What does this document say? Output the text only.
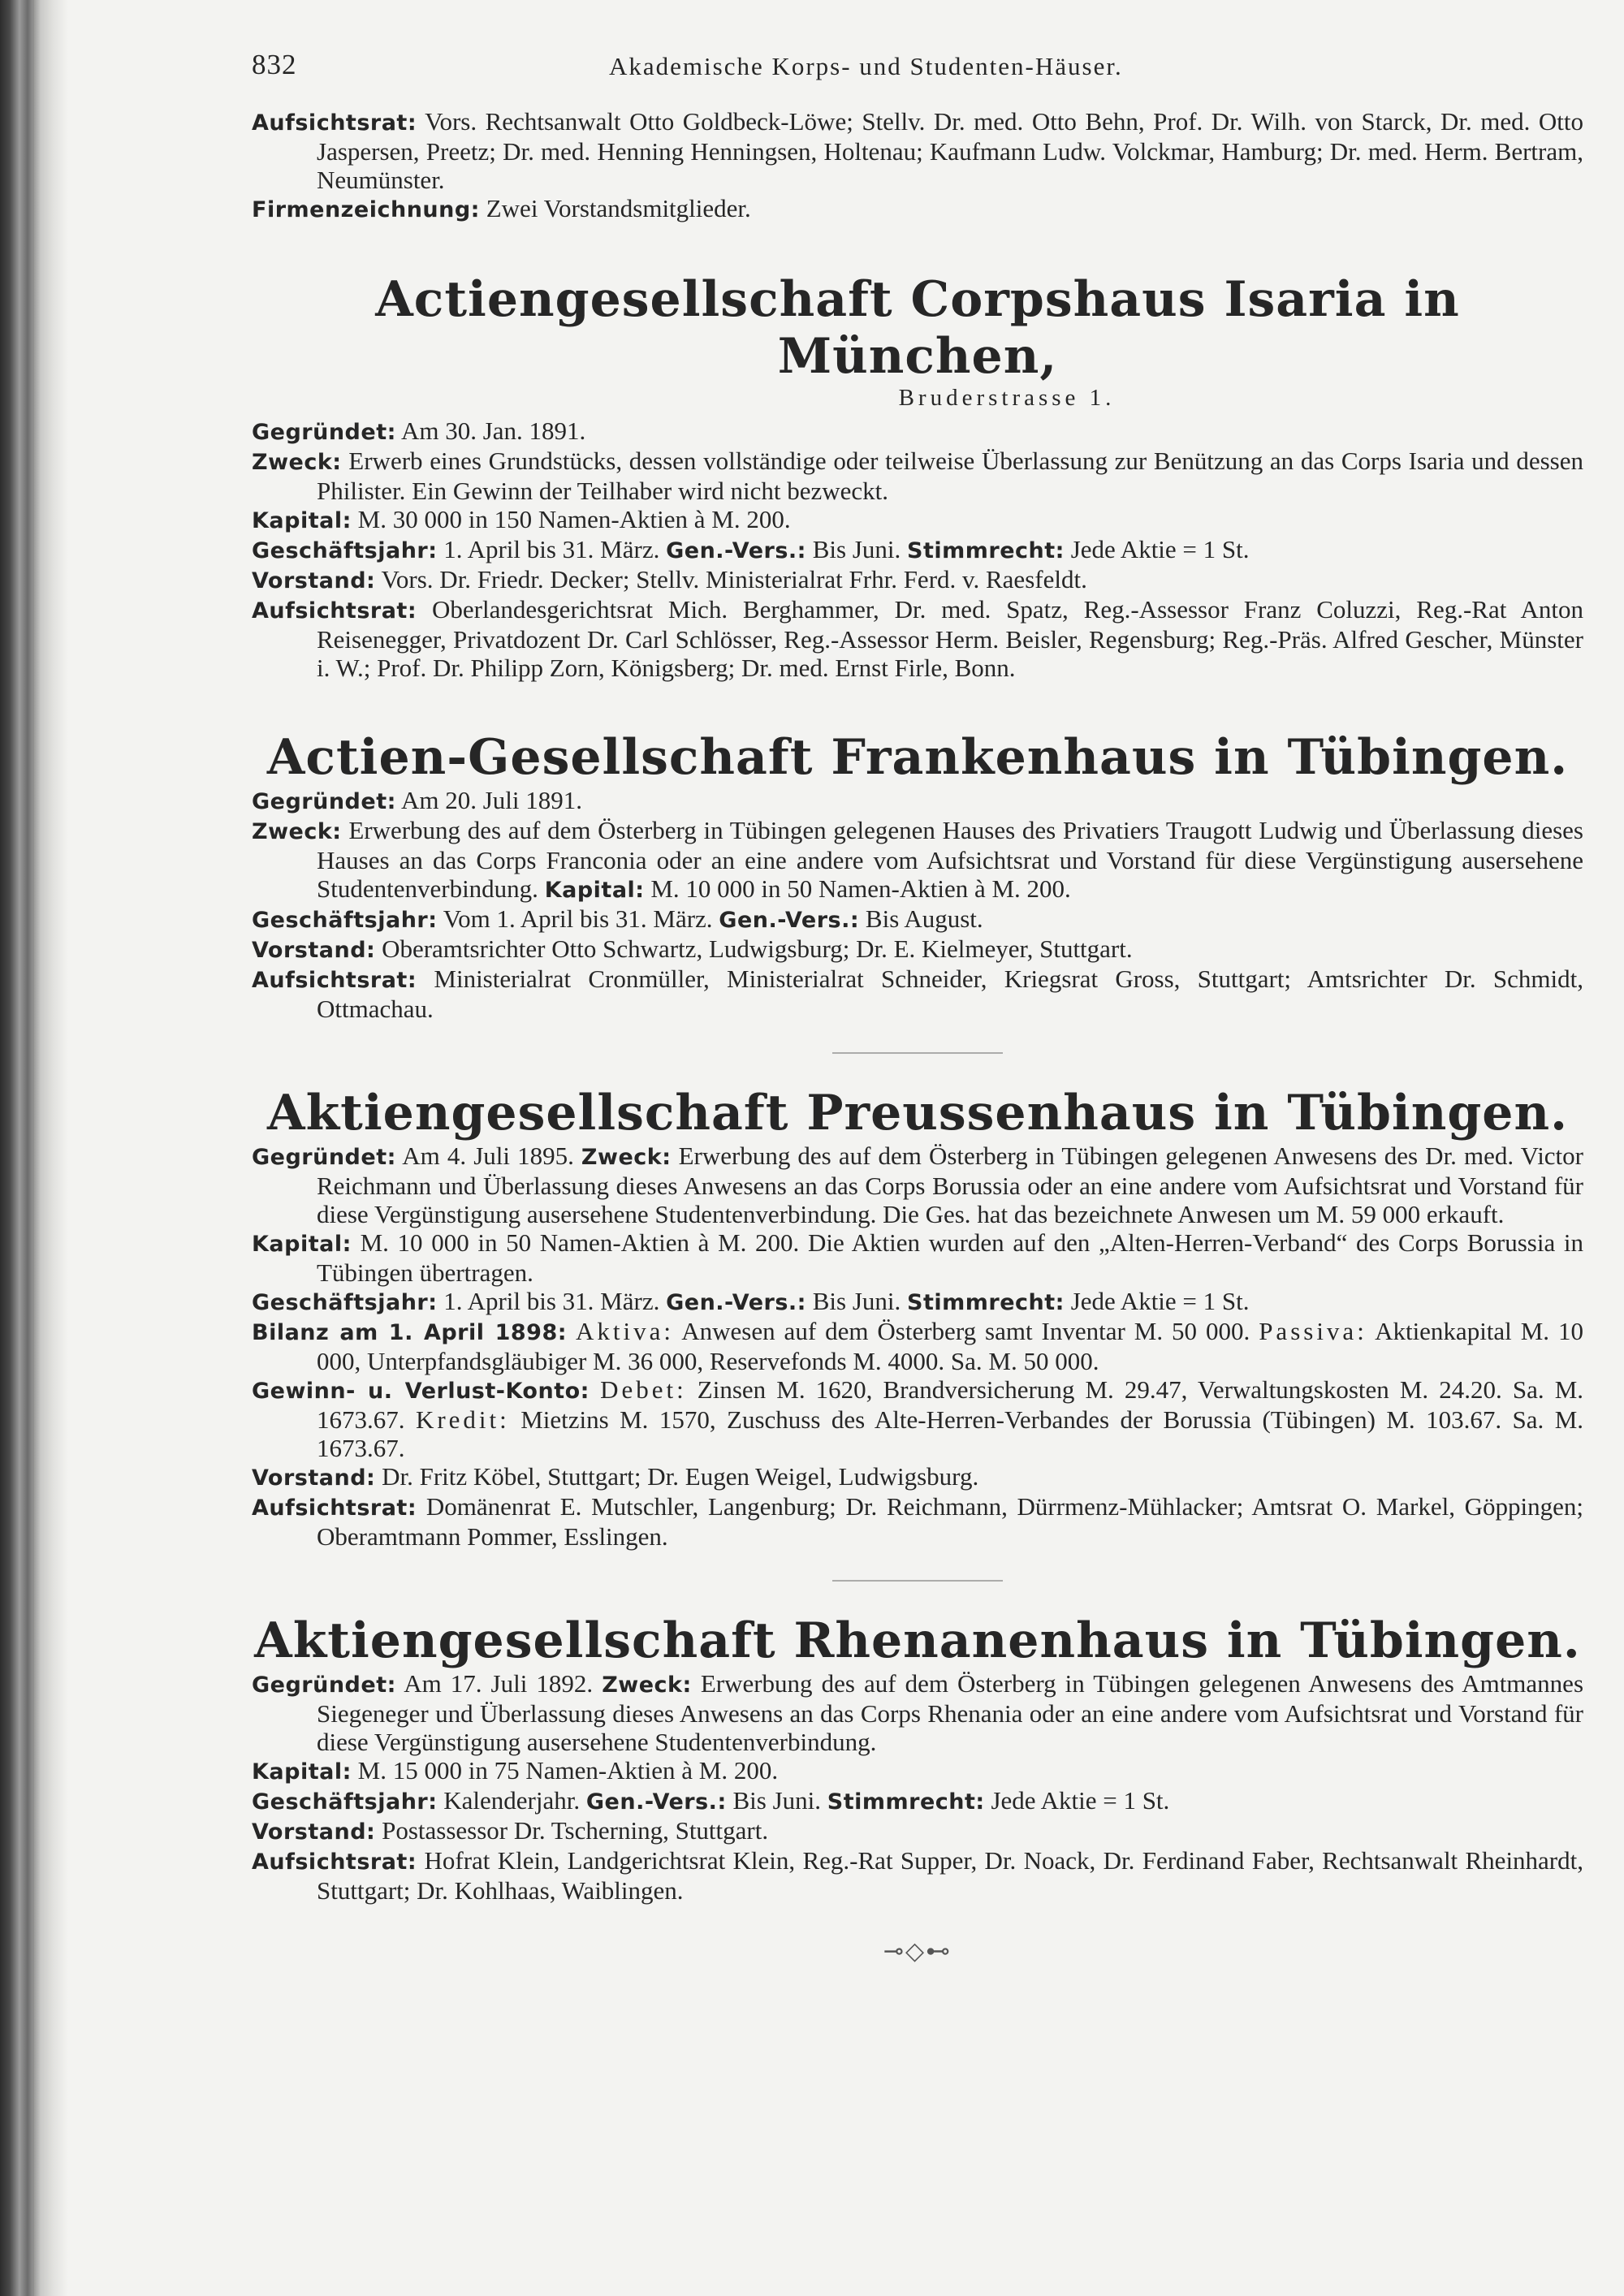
832	Akademische Korps- und Studenten-Häuser.

Aufsichtsrat: Vors. Rechtsanwalt Otto Goldbeck-Löwe; Stellv. Dr. med. Otto Behn, Prof. Dr. Wilh. von Starck, Dr. med. Otto Jaspersen, Preetz; Dr. med. Henning Henningsen, Holtenau; Kaufmann Ludw. Volckmar, Hamburg; Dr. med. Herm. Bertram, Neumünster.

Firmenzeichnung: Zwei Vorstandsmitglieder.

Actiengesellschaft Corpshaus Isaria in München,

Bruderstrasse 1.

Gegründet: Am 30. Jan. 1891.

Zweck: Erwerb eines Grundstücks, dessen vollständige oder teilweise Überlassung zur Benützung an das Corps Isaria und dessen Philister. Ein Gewinn der Teilhaber wird nicht bezweckt.

Kapital: M. 30 000 in 150 Namen-Aktien à M. 200.

Geschäftsjahr: 1. April bis 31. März. Gen.-Vers.: Bis Juni. Stimmrecht: Jede Aktie = 1 St.

Vorstand: Vors. Dr. Friedr. Decker; Stellv. Ministerialrat Frhr. Ferd. v. Raesfeldt.

Aufsichtsrat: Oberlandesgerichtsrat Mich. Berghammer, Dr. med. Spatz, Reg.-Assessor Franz Coluzzi, Reg.-Rat Anton Reisenegger, Privatdozent Dr. Carl Schlösser, Reg.-Assessor Herm. Beisler, Regensburg; Reg.-Präs. Alfred Gescher, Münster i. W.; Prof. Dr. Philipp Zorn, Königsberg; Dr. med. Ernst Firle, Bonn.

Actien-Gesellschaft Frankenhaus in Tübingen.

Gegründet: Am 20. Juli 1891.

Zweck: Erwerbung des auf dem Österberg in Tübingen gelegenen Hauses des Privatiers Traugott Ludwig und Überlassung dieses Hauses an das Corps Franconia oder an eine andere vom Aufsichtsrat und Vorstand für diese Vergünstigung ausersehene Studentenverbindung. Kapital: M. 10 000 in 50 Namen-Aktien à M. 200.

Geschäftsjahr: Vom 1. April bis 31. März. Gen.-Vers.: Bis August.

Vorstand: Oberamtsrichter Otto Schwartz, Ludwigsburg; Dr. E. Kielmeyer, Stuttgart.

Aufsichtsrat: Ministerialrat Cronmüller, Ministerialrat Schneider, Kriegsrat Gross, Stuttgart; Amtsrichter Dr. Schmidt, Ottmachau.

Aktiengesellschaft Preussenhaus in Tübingen.

Gegründet: Am 4. Juli 1895. Zweck: Erwerbung des auf dem Österberg in Tübingen gelegenen Anwesens des Dr. med. Victor Reichmann und Überlassung dieses Anwesens an das Corps Borussia oder an eine andere vom Aufsichtsrat und Vorstand für diese Vergünstigung ausersehene Studentenverbindung. Die Ges. hat das bezeichnete Anwesen um M. 59 000 erkauft.

Kapital: M. 10 000 in 50 Namen-Aktien à M. 200. Die Aktien wurden auf den „Alten-Herren-Verband“ des Corps Borussia in Tübingen übertragen.

Geschäftsjahr: 1. April bis 31. März. Gen.-Vers.: Bis Juni. Stimmrecht: Jede Aktie = 1 St.

Bilanz am 1. April 1898: Aktiva: Anwesen auf dem Österberg samt Inventar M. 50 000. Passiva: Aktienkapital M. 10 000, Unterpfandsgläubiger M. 36 000, Reservefonds M. 4000. Sa. M. 50 000.

Gewinn- u. Verlust-Konto: Debet: Zinsen M. 1620, Brandversicherung M. 29.47, Verwaltungskosten M. 24.20. Sa. M. 1673.67. Kredit: Mietzins M. 1570, Zuschuss des Alte-Herren-Verbandes der Borussia (Tübingen) M. 103.67. Sa. M. 1673.67.

Vorstand: Dr. Fritz Köbel, Stuttgart; Dr. Eugen Weigel, Ludwigsburg.

Aufsichtsrat: Domänenrat E. Mutschler, Langenburg; Dr. Reichmann, Dürrmenz-Mühlacker; Amtsrat O. Markel, Göppingen; Oberamtmann Pommer, Esslingen.

Aktiengesellschaft Rhenanenhaus in Tübingen.

Gegründet: Am 17. Juli 1892. Zweck: Erwerbung des auf dem Österberg in Tübingen gelegenen Anwesens des Amtmannes Siegeneger und Überlassung dieses Anwesens an das Corps Rhenania oder an eine andere vom Aufsichtsrat und Vorstand für diese Vergünstigung ausersehene Studentenverbindung.

Kapital: M. 15 000 in 75 Namen-Aktien à M. 200.

Geschäftsjahr: Kalenderjahr. Gen.-Vers.: Bis Juni. Stimmrecht: Jede Aktie = 1 St.

Vorstand: Postassessor Dr. Tscherning, Stuttgart.

Aufsichtsrat: Hofrat Klein, Landgerichtsrat Klein, Reg.-Rat Supper, Dr. Noack, Dr. Ferdinand Faber, Rechtsanwalt Rheinhardt, Stuttgart; Dr. Kohlhaas, Waiblingen.

⊸◇⊷
